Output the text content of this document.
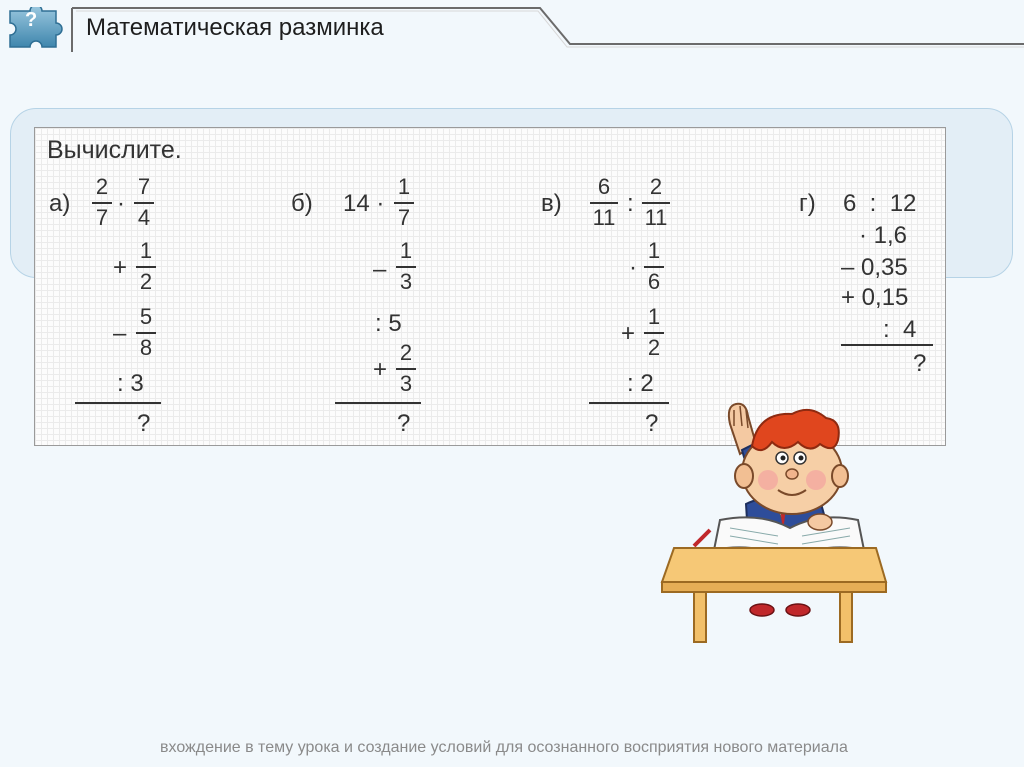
? Математическая разминка
Вычислите.
а)
2
7
·
7
4
+
1
2
–
5
8
: 3
?
б) 14 ·
1
7
–
1
3
: 5
+
2
3
?
в)
6
11
:
2
11
·
1
6
+
1
2
: 2
?
г) 6  :  12
· 1,6
– 0,35
+ 0,15
:  4
?
вхождение в тему урока и создание условий для осознанного восприятия нового материала
